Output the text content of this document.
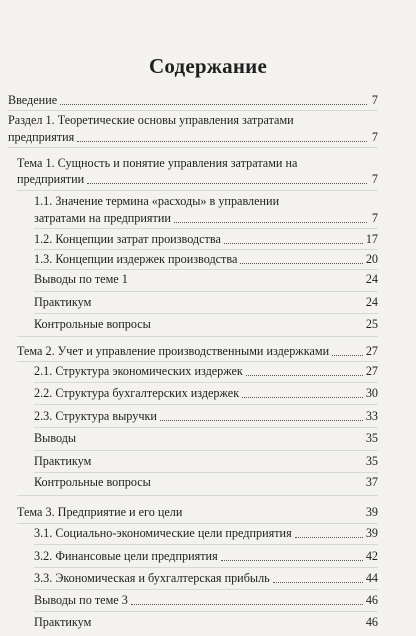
Содержание
Введение	7
Раздел 1. Теоретические основы управления затратами
предприятия	7
Тема 1. Сущность и понятие управления затратами на
предприятии	7
1.1. Значение термина «расходы» в управлении
затратами на предприятии	7
1.2. Концепции затрат производства	17
1.3. Концепции издержек производства	20
Выводы по теме 1	24
Практикум	24
Контрольные вопросы	25
Тема 2. Учет и управление производственными издержками	27
2.1. Структура экономических издержек	27
2.2. Структура бухгалтерских издержек	30
2.3. Структура выручки	33
Выводы	35
Практикум	35
Контрольные вопросы	37
Тема 3. Предприятие и его цели	39
3.1. Социально-экономические цели предприятия	39
3.2. Финансовые цели предприятия	42
3.3. Экономическая и бухгалтерская прибыль	44
Выводы по теме 3	46
Практикум	46
